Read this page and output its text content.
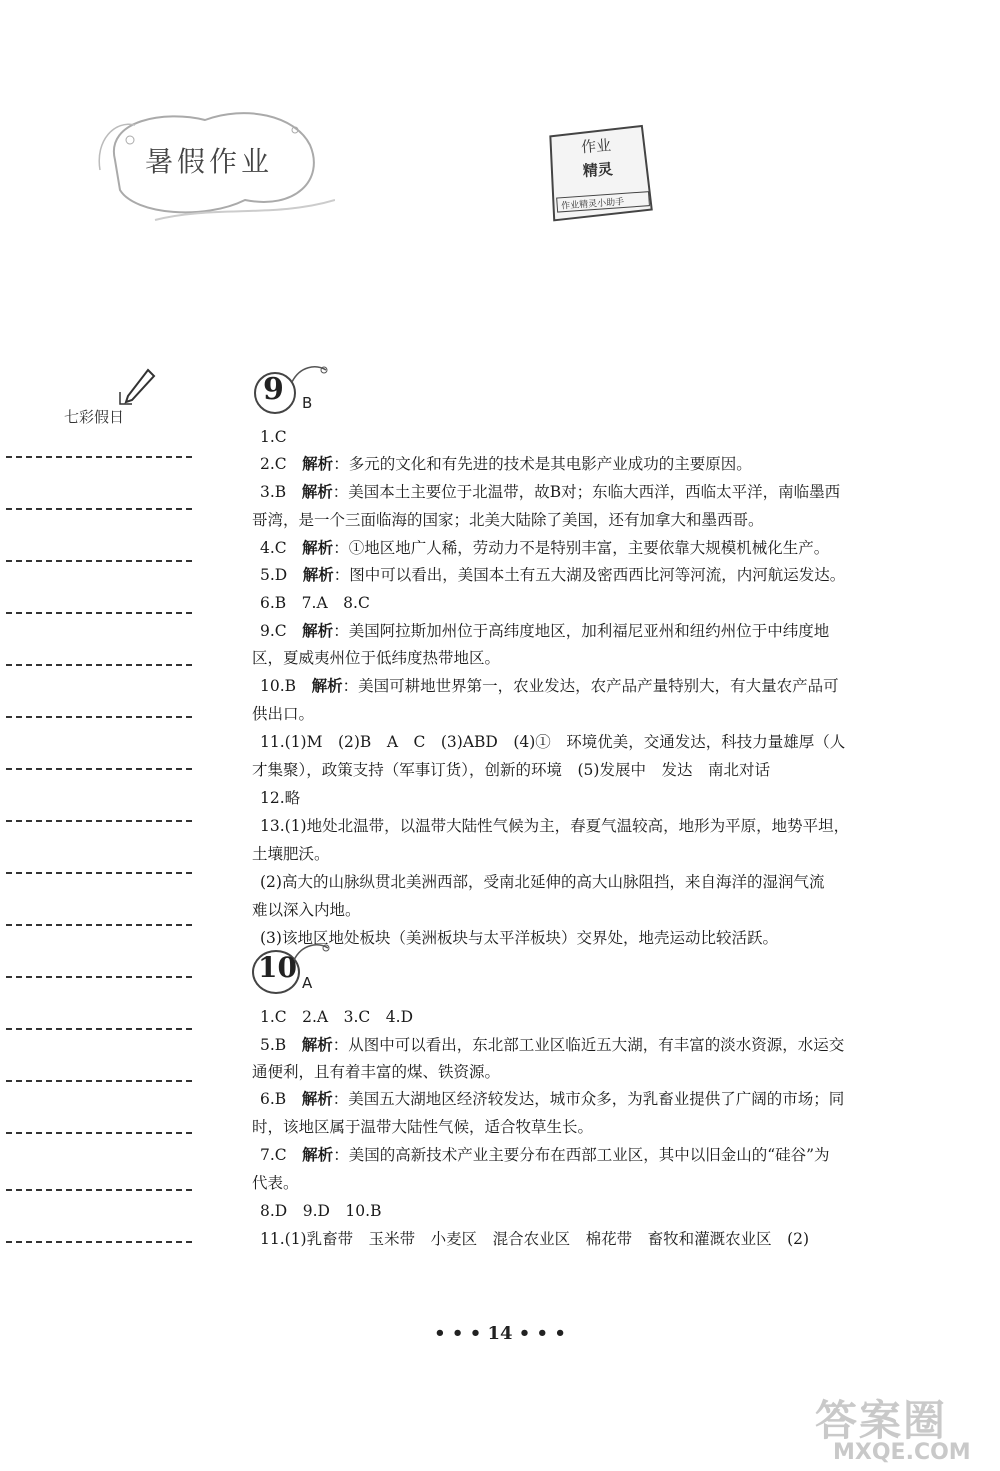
暑假作业	作业
精灵
作业精灵小助手
七彩假日
9 B
1.C
2.C　 解析：多元的文化和有先进的技术是其电影产业成功的主要原因。
3.B　 解析：美国本土主要位于北温带，故B对；东临大西洋，西临太平洋，南临墨西
哥湾，是一个三面临海的国家；北美大陆除了美国，还有加拿大和墨西哥。
4.C　 解析：①地区地广人稀，劳动力不是特别丰富，主要依靠大规模机械化生产。
5.D　 解析：图中可以看出，美国本土有五大湖及密西西比河等河流，内河航运发达。
6.B　7.A　8.C
9.C　 解析：美国阿拉斯加州位于高纬度地区，加利福尼亚州和纽约州位于中纬度地
区，夏威夷州位于低纬度热带地区。
10.B　 解析：美国可耕地世界第一，农业发达，农产品产量特别大，有大量农产品可
供出口。
11.(1)M　(2)B　A　C　(3)ABD　(4)①　环境优美，交通发达，科技力量雄厚（人
才集聚），政策支持（军事订货），创新的环境　(5)发展中　发达　南北对话
12.略
13.(1)地处北温带，以温带大陆性气候为主，春夏气温较高，地形为平原，地势平坦，
土壤肥沃。
(2)高大的山脉纵贯北美洲西部，受南北延伸的高大山脉阻挡，来自海洋的湿润气流
难以深入内地。
(3)该地区地处板块（美洲板块与太平洋板块）交界处，地壳运动比较活跃。
10 A
1.C　2.A　3.C　4.D
5.B　 解析：从图中可以看出，东北部工业区临近五大湖，有丰富的淡水资源，水运交
通便利，且有着丰富的煤、铁资源。
6.B　 解析：美国五大湖地区经济较发达，城市众多，为乳畜业提供了广阔的市场；同
时，该地区属于温带大陆性气候，适合牧草生长。
7.C　 解析：美国的高新技术产业主要分布在西部工业区，其中以旧金山的“硅谷”为
代表。
8.D　9.D　10.B
11.(1)乳畜带　玉米带　小麦区　混合农业区　棉花带　畜牧和灌溉农业区　(2)
• • • 14 • • •
答案圈
MXQE.COM
